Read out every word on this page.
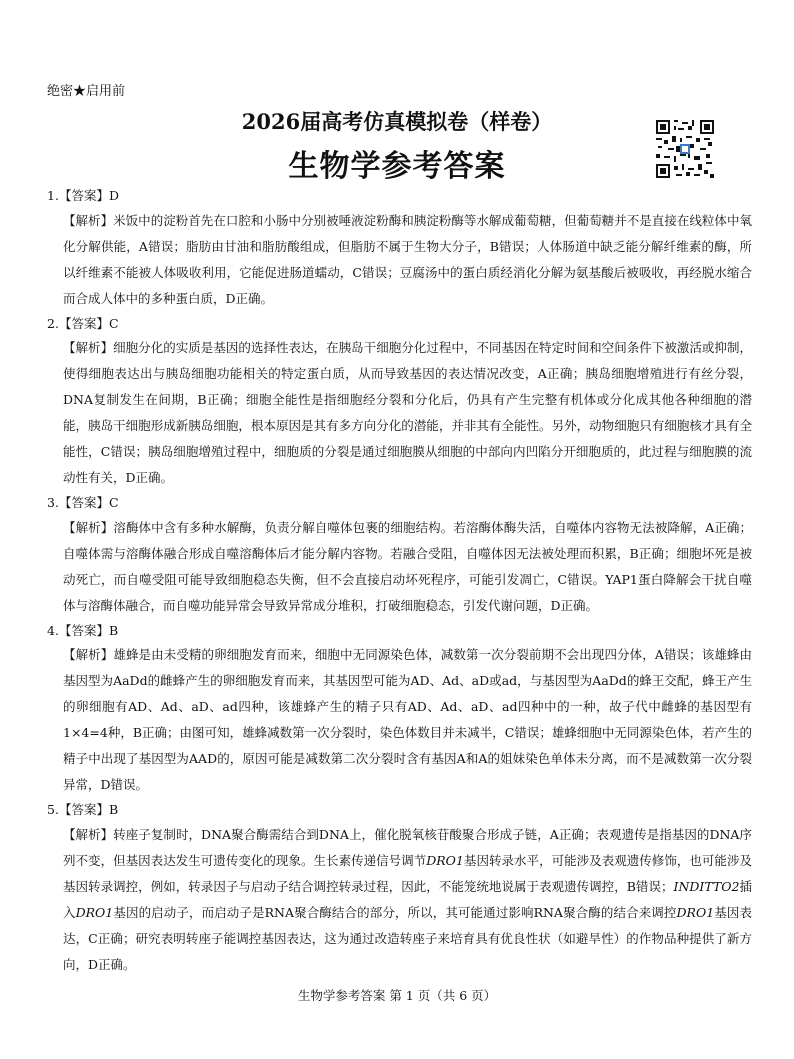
绝密★启用前
2026届高考仿真模拟卷（样卷）
生物学参考答案

1.【答案】D

【解析】米饭中的淀粉首先在口腔和小肠中分别被唾液淀粉酶和胰淀粉酶等水解成葡萄糖，但葡萄糖并不是直接在线粒体中氧化分解供能，A错误；脂肪由甘油和脂肪酸组成，但脂肪不属于生物大分子，B错误；人体肠道中缺乏能分解纤维素的酶，所以纤维素不能被人体吸收利用，它能促进肠道蠕动，C错误；豆腐汤中的蛋白质经消化分解为氨基酸后被吸收，再经脱水缩合而合成人体中的多种蛋白质，D正确。

2.【答案】C

【解析】细胞分化的实质是基因的选择性表达，在胰岛干细胞分化过程中，不同基因在特定时间和空间条件下被激活或抑制，使得细胞表达出与胰岛细胞功能相关的特定蛋白质，从而导致基因的表达情况改变，A正确；胰岛细胞增殖进行有丝分裂，DNA复制发生在间期，B正确；细胞全能性是指细胞经分裂和分化后，仍具有产生完整有机体或分化成其他各种细胞的潜能，胰岛干细胞形成新胰岛细胞，根本原因是其有多方向分化的潜能，并非其有全能性。另外，动物细胞只有细胞核才具有全能性，C错误；胰岛细胞增殖过程中，细胞质的分裂是通过细胞膜从细胞的中部向内凹陷分开细胞质的，此过程与细胞膜的流动性有关，D正确。

3.【答案】C

【解析】溶酶体中含有多种水解酶，负责分解自噬体包裹的细胞结构。若溶酶体酶失活，自噬体内容物无法被降解，A正确；自噬体需与溶酶体融合形成自噬溶酶体后才能分解内容物。若融合受阻，自噬体因无法被处理而积累，B正确；细胞坏死是被动死亡，而自噬受阻可能导致细胞稳态失衡，但不会直接启动坏死程序，可能引发凋亡，C错误。YAP1蛋白降解会干扰自噬体与溶酶体融合，而自噬功能异常会导致异常成分堆积，打破细胞稳态，引发代谢问题，D正确。

4.【答案】B

【解析】雄蜂是由未受精的卵细胞发育而来，细胞中无同源染色体，减数第一次分裂前期不会出现四分体，A错误；该雄蜂由基因型为AaDd的雌蜂产生的卵细胞发育而来，其基因型可能为AD、Ad、aD或ad，与基因型为AaDd的蜂王交配，蜂王产生的卵细胞有AD、Ad、aD、ad四种，该雄蜂产生的精子只有AD、Ad、aD、ad四种中的一种，故子代中雌蜂的基因型有1×4=4种，B正确；由图可知，雄蜂减数第一次分裂时，染色体数目并未减半，C错误；雄蜂细胞中无同源染色体，若产生的精子中出现了基因型为AAD的，原因可能是减数第二次分裂时含有基因A和A的姐妹染色单体未分离，而不是减数第一次分裂异常，D错误。

5.【答案】B

【解析】转座子复制时，DNA聚合酶需结合到DNA上，催化脱氧核苷酸聚合形成子链，A正确；表观遗传是指基因的DNA序列不变，但基因表达发生可遗传变化的现象。生长素传递信号调节DRO1基因转录水平，可能涉及表观遗传修饰，也可能涉及基因转录调控，例如，转录因子与启动子结合调控转录过程，因此，不能笼统地说属于表观遗传调控，B错误；INDITTO2插入DRO1基因的启动子，而启动子是RNA聚合酶结合的部分，所以，其可能通过影响RNA聚合酶的结合来调控DRO1基因表达，C正确；研究表明转座子能调控基因表达，这为通过改造转座子来培育具有优良性状（如避旱性）的作物品种提供了新方向，D正确。

生物学参考答案 第 1 页（共 6 页）
